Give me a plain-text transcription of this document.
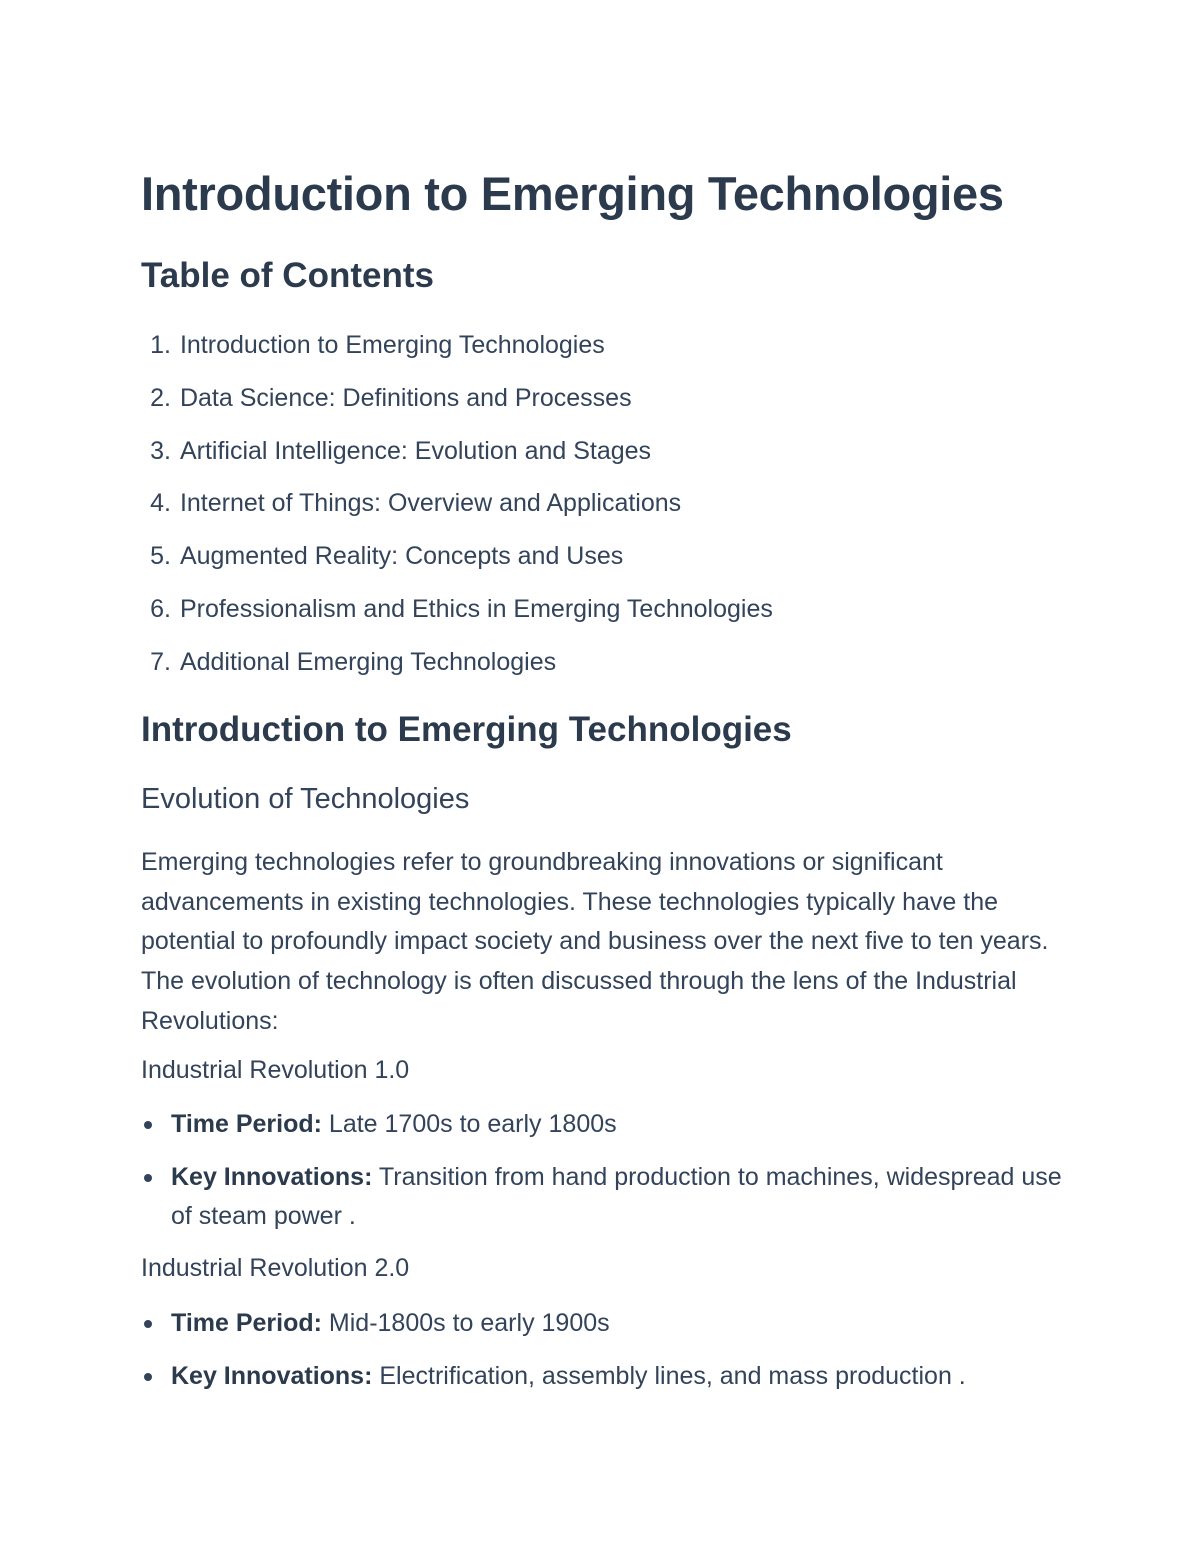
Introduction to Emerging Technologies
Table of Contents
1. Introduction to Emerging Technologies
2. Data Science: Definitions and Processes
3. Artificial Intelligence: Evolution and Stages
4. Internet of Things: Overview and Applications
5. Augmented Reality: Concepts and Uses
6. Professionalism and Ethics in Emerging Technologies
7. Additional Emerging Technologies
Introduction to Emerging Technologies
Evolution of Technologies

Emerging technologies refer to groundbreaking innovations or significant advancements in existing technologies. These technologies typically have the potential to profoundly impact society and business over the next five to ten years. The evolution of technology is often discussed through the lens of the Industrial Revolutions:

Industrial Revolution 1.0
Time Period: Late 1700s to early 1800s
Key Innovations: Transition from hand production to machines, widespread use of steam power .
Industrial Revolution 2.0
Time Period: Mid-1800s to early 1900s
Key Innovations: Electrification, assembly lines, and mass production .
